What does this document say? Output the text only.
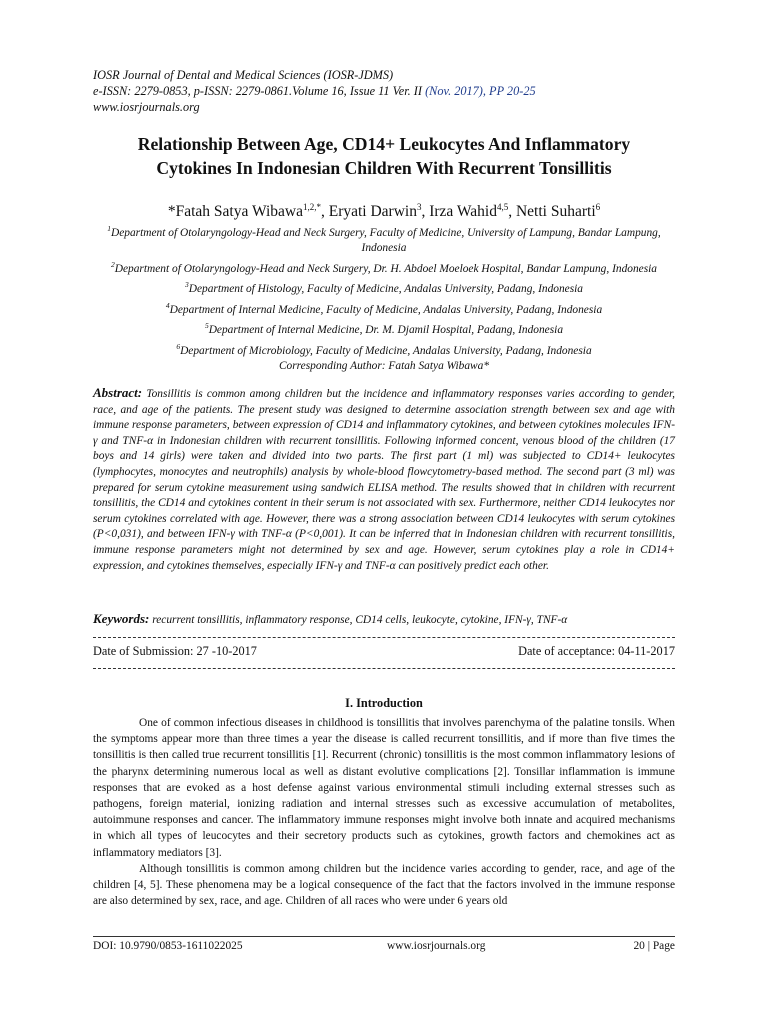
IOSR Journal of Dental and Medical Sciences (IOSR-JDMS)
e-ISSN: 2279-0853, p-ISSN: 2279-0861.Volume 16, Issue 11 Ver. II (Nov. 2017), PP 20-25
www.iosrjournals.org
Relationship Between Age, CD14+ Leukocytes And Inflammatory
Cytokines In Indonesian Children With Recurrent Tonsillitis
*Fatah Satya Wibawa$^{1,2,*}$, Eryati Darwin$^3$, Irza Wahid$^{4,5}$, Netti Suharti$^6$
$^1$Department of Otolaryngology-Head and Neck Surgery, Faculty of Medicine, University of Lampung, Bandar Lampung, Indonesia
$^2$Department of Otolaryngology-Head and Neck Surgery, Dr. H. Abdoel Moeloek Hospital, Bandar Lampung, Indonesia
$^3$Department of Histology, Faculty of Medicine, Andalas University, Padang, Indonesia
$^4$Department of Internal Medicine, Faculty of Medicine, Andalas University, Padang, Indonesia
$^5$Department of Internal Medicine, Dr. M. Djamil Hospital, Padang, Indonesia
$^6$Department of Microbiology, Faculty of Medicine, Andalas University, Padang, Indonesia
Corresponding Author: Fatah Satya Wibawa*
Abstract: Tonsillitis is common among children but the incidence and inflammatory responses varies according to gender, race, and age of the patients. The present study was designed to determine association strength between sex and age with immune response parameters, between expression of CD14 and inflammatory cytokines, and between cytokines molecules IFN-γ and TNF-α in Indonesian children with recurrent tonsillitis. Following informed concent, venous blood of the children (17 boys and 14 girls) were taken and divided into two parts. The first part (1 ml) was subjected to CD14+ leukocytes (lymphocytes, monocytes and neutrophils) analysis by whole-blood flowcytometry-based method. The second part (3 ml) was prepared for serum cytokine measurement using sandwich ELISA method. The results showed that in children with recurrent tonsillitis, the CD14 and cytokines content in their serum is not associated with sex. Furthermore, neither CD14 leukocytes nor serum cytokines correlated with age. However, there was a strong association between CD14 leukocytes with serum cytokines (P<0,031), and between IFN-γ with TNF-α (P<0,001). It can be inferred that in Indonesian children with recurrent tonsillitis, immune response parameters might not determined by sex and age. However, serum cytokines play a role in CD14+ expression, and cytokines themselves, especially IFN-γ and TNF-α can positively predict each other.
Keywords: recurrent tonsillitis, inflammatory response, CD14 cells, leukocyte, cytokine, IFN-γ, TNF-α
Date of Submission: 27 -10-2017	Date of acceptance: 04-11-2017
I. Introduction

One of common infectious diseases in childhood is tonsillitis that involves parenchyma of the palatine tonsils. When the symptoms appear more than three times a year the disease is called recurrent tonsillitis, and if more than five times the tonsillitis is then called true recurrent tonsillitis [1]. Recurrent (chronic) tonsillitis is the most common inflammatory lesions of the pharynx determining numerous local as well as distant evolutive complications [2]. Tonsillar inflammation is immune responses that are evoked as a host defense against various environmental stimuli including external stresses such as pathogens, foreign material, ionizing radiation and internal stresses such as excessive accumulation of metabolites, autoimmune responses and cancer. The inflammatory immune responses might involve both innate and acquired mechanisms in which all types of leucocytes and their secretory products such as cytokines, growth factors and chemokines act as inflammatory mediators [3].

Although tonsillitis is common among children but the incidence varies according to gender, race, and age of the children [4, 5]. These phenomena may be a logical consequence of the fact that the factors involved in the immune response are also determined by sex, race, and age. Children of all races who were under 6 years old

DOI: 10.9790/0853-1611022025	www.iosrjournals.org	20 | Page
